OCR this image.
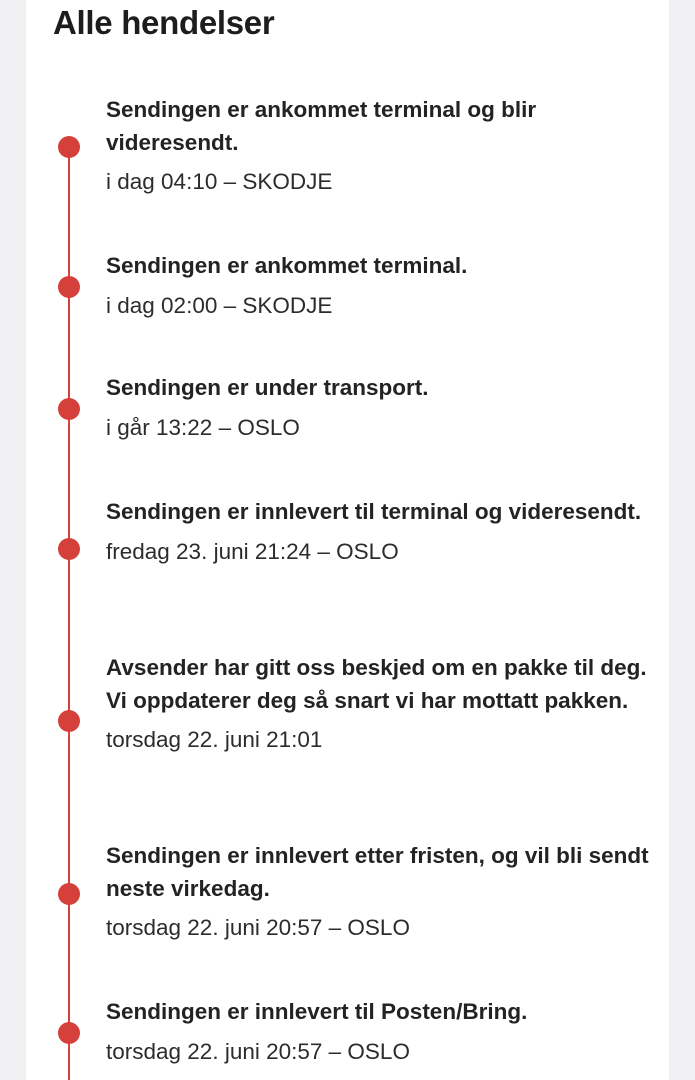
Alle hendelser

Sendingen er ankommet terminal og blir videresendt.

i dag 04:10 – SKODJE

Sendingen er ankommet terminal.

i dag 02:00 – SKODJE

Sendingen er under transport.

i går 13:22 – OSLO

Sendingen er innlevert til terminal og videresendt.

fredag 23. juni 21:24 – OSLO

Avsender har gitt oss beskjed om en pakke til deg. Vi oppdaterer deg så snart vi har mottatt pakken.

torsdag 22. juni 21:01

Sendingen er innlevert etter fristen, og vil bli sendt neste virkedag.

torsdag 22. juni 20:57 – OSLO

Sendingen er innlevert til Posten/Bring.

torsdag 22. juni 20:57 – OSLO
